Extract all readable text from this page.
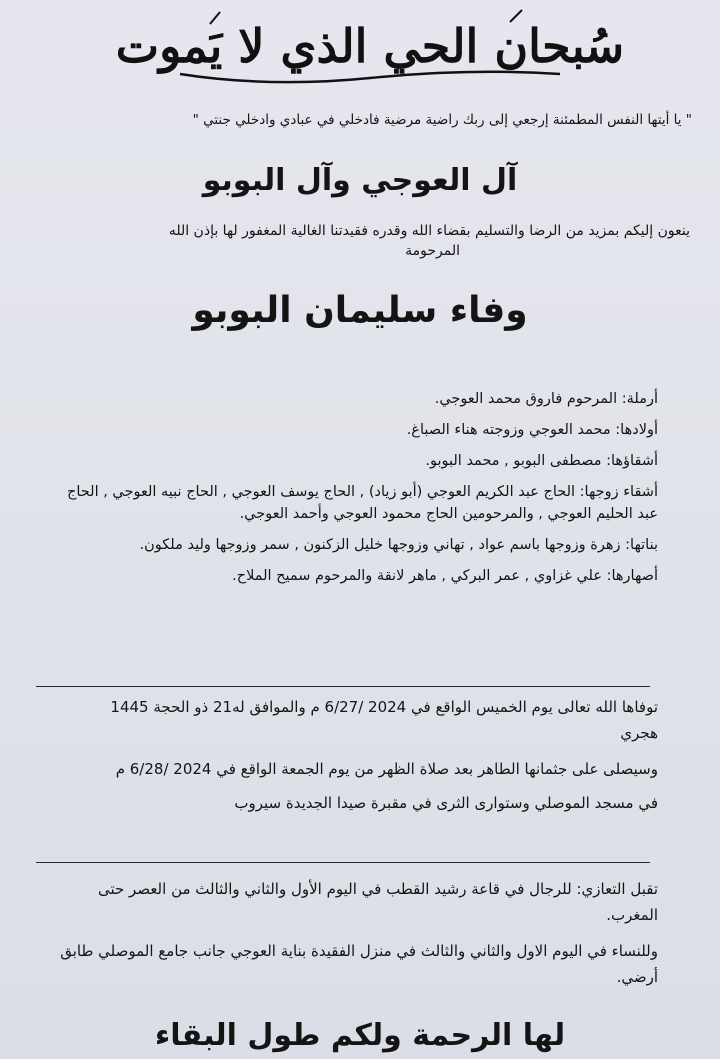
سُبحان الحي الذي لا يَموت
" يا أيتها النفس المطمئنة إرجعي إلى ربك راضية مرضية فادخلي في عبادي وادخلي جنتي "
آل العوجي وآل البوبو
ينعون إليكم بمزيد من الرضا والتسليم بقضاء الله وقدره فقيدتنا الغالية المغفور لها بإذن الله
المرحومة
وفاء سليمان البوبو

أرملة: المرحوم فاروق محمد العوجي.

أولادها: محمد العوجي وزوجته هناء الصباغ.

أشقاؤها: مصطفى البوبو , محمد البوبو.

أشقاء زوجها: الحاج عبد الكريم العوجي (أبو زياد) , الحاج يوسف العوجي , الحاج نبيه العوجي , الحاج عبد الحليم العوجي , والمرحومين الحاج محمود العوجي وأحمد العوجي.

بناتها: زهرة وزوجها باسم عواد , تهاني وزوجها خليل الزكنون , سمر وزوجها وليد ملكون.

أصهارها: علي غزاوي , عمر البركي , ماهر لانقة والمرحوم سميح الملاح.

توفاها الله تعالى يوم الخميس الواقع في 2024 /6/27 م والموافق له21 ذو الحجة 1445

هجري

وسيصلى على جثمانها الطاهر بعد صلاة الظهر من يوم الجمعة الواقع في 2024 /6/28 م

في مسجد الموصلي وستوارى الثرى في مقبرة صيدا الجديدة سيروب

تقبل التعازي: للرجال في قاعة رشيد القطب في اليوم الأول والثاني والثالث من العصر حتى المغرب.

وللنساء في اليوم الاول والثاني والثالث في منزل الفقيدة بناية العوجي جانب جامع الموصلي طابق أرضي.

لها الرحمة ولكم طول البقاء
